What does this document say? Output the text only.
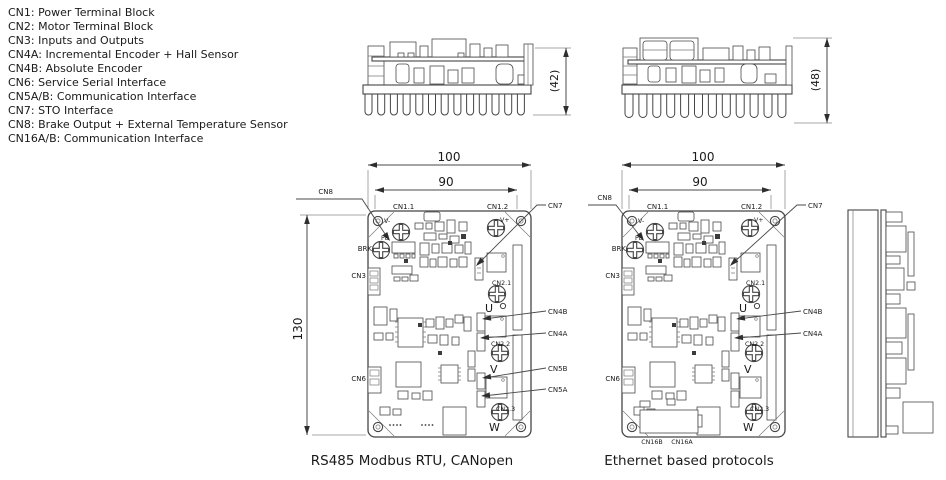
CN1: Power Terminal Block
CN2: Motor Terminal Block
CN3: Inputs and Outputs
CN4A: Incremental Encoder + Hall Sensor
CN4B: Absolute Encoder
CN6: Service Serial Interface
CN5A/B: Communication Interface
CN7: STO Interface
CN8: Brake Output + External Temperature Sensor
CN16A/B: Communication Interface
(42)	(48)
100
90
130
CN8
CN7
CN1.1	CN1.2
V-	V+
PE
BRK
CN3
CN6
CN2.1
U
CN2.2
V
CN2.3
W
CN4B
CN4A
CN5B
CN5A
RS485 Modbus RTU, CANopen
100
90
CN8
CN7
CN1.1	CN1.2
V-	V+
PE
BRK
CN3
CN6
CN2.1
U
CN2.2
V
CN2.3
W
CN4B
CN4A
CN16B CN16A
Ethernet based protocols
